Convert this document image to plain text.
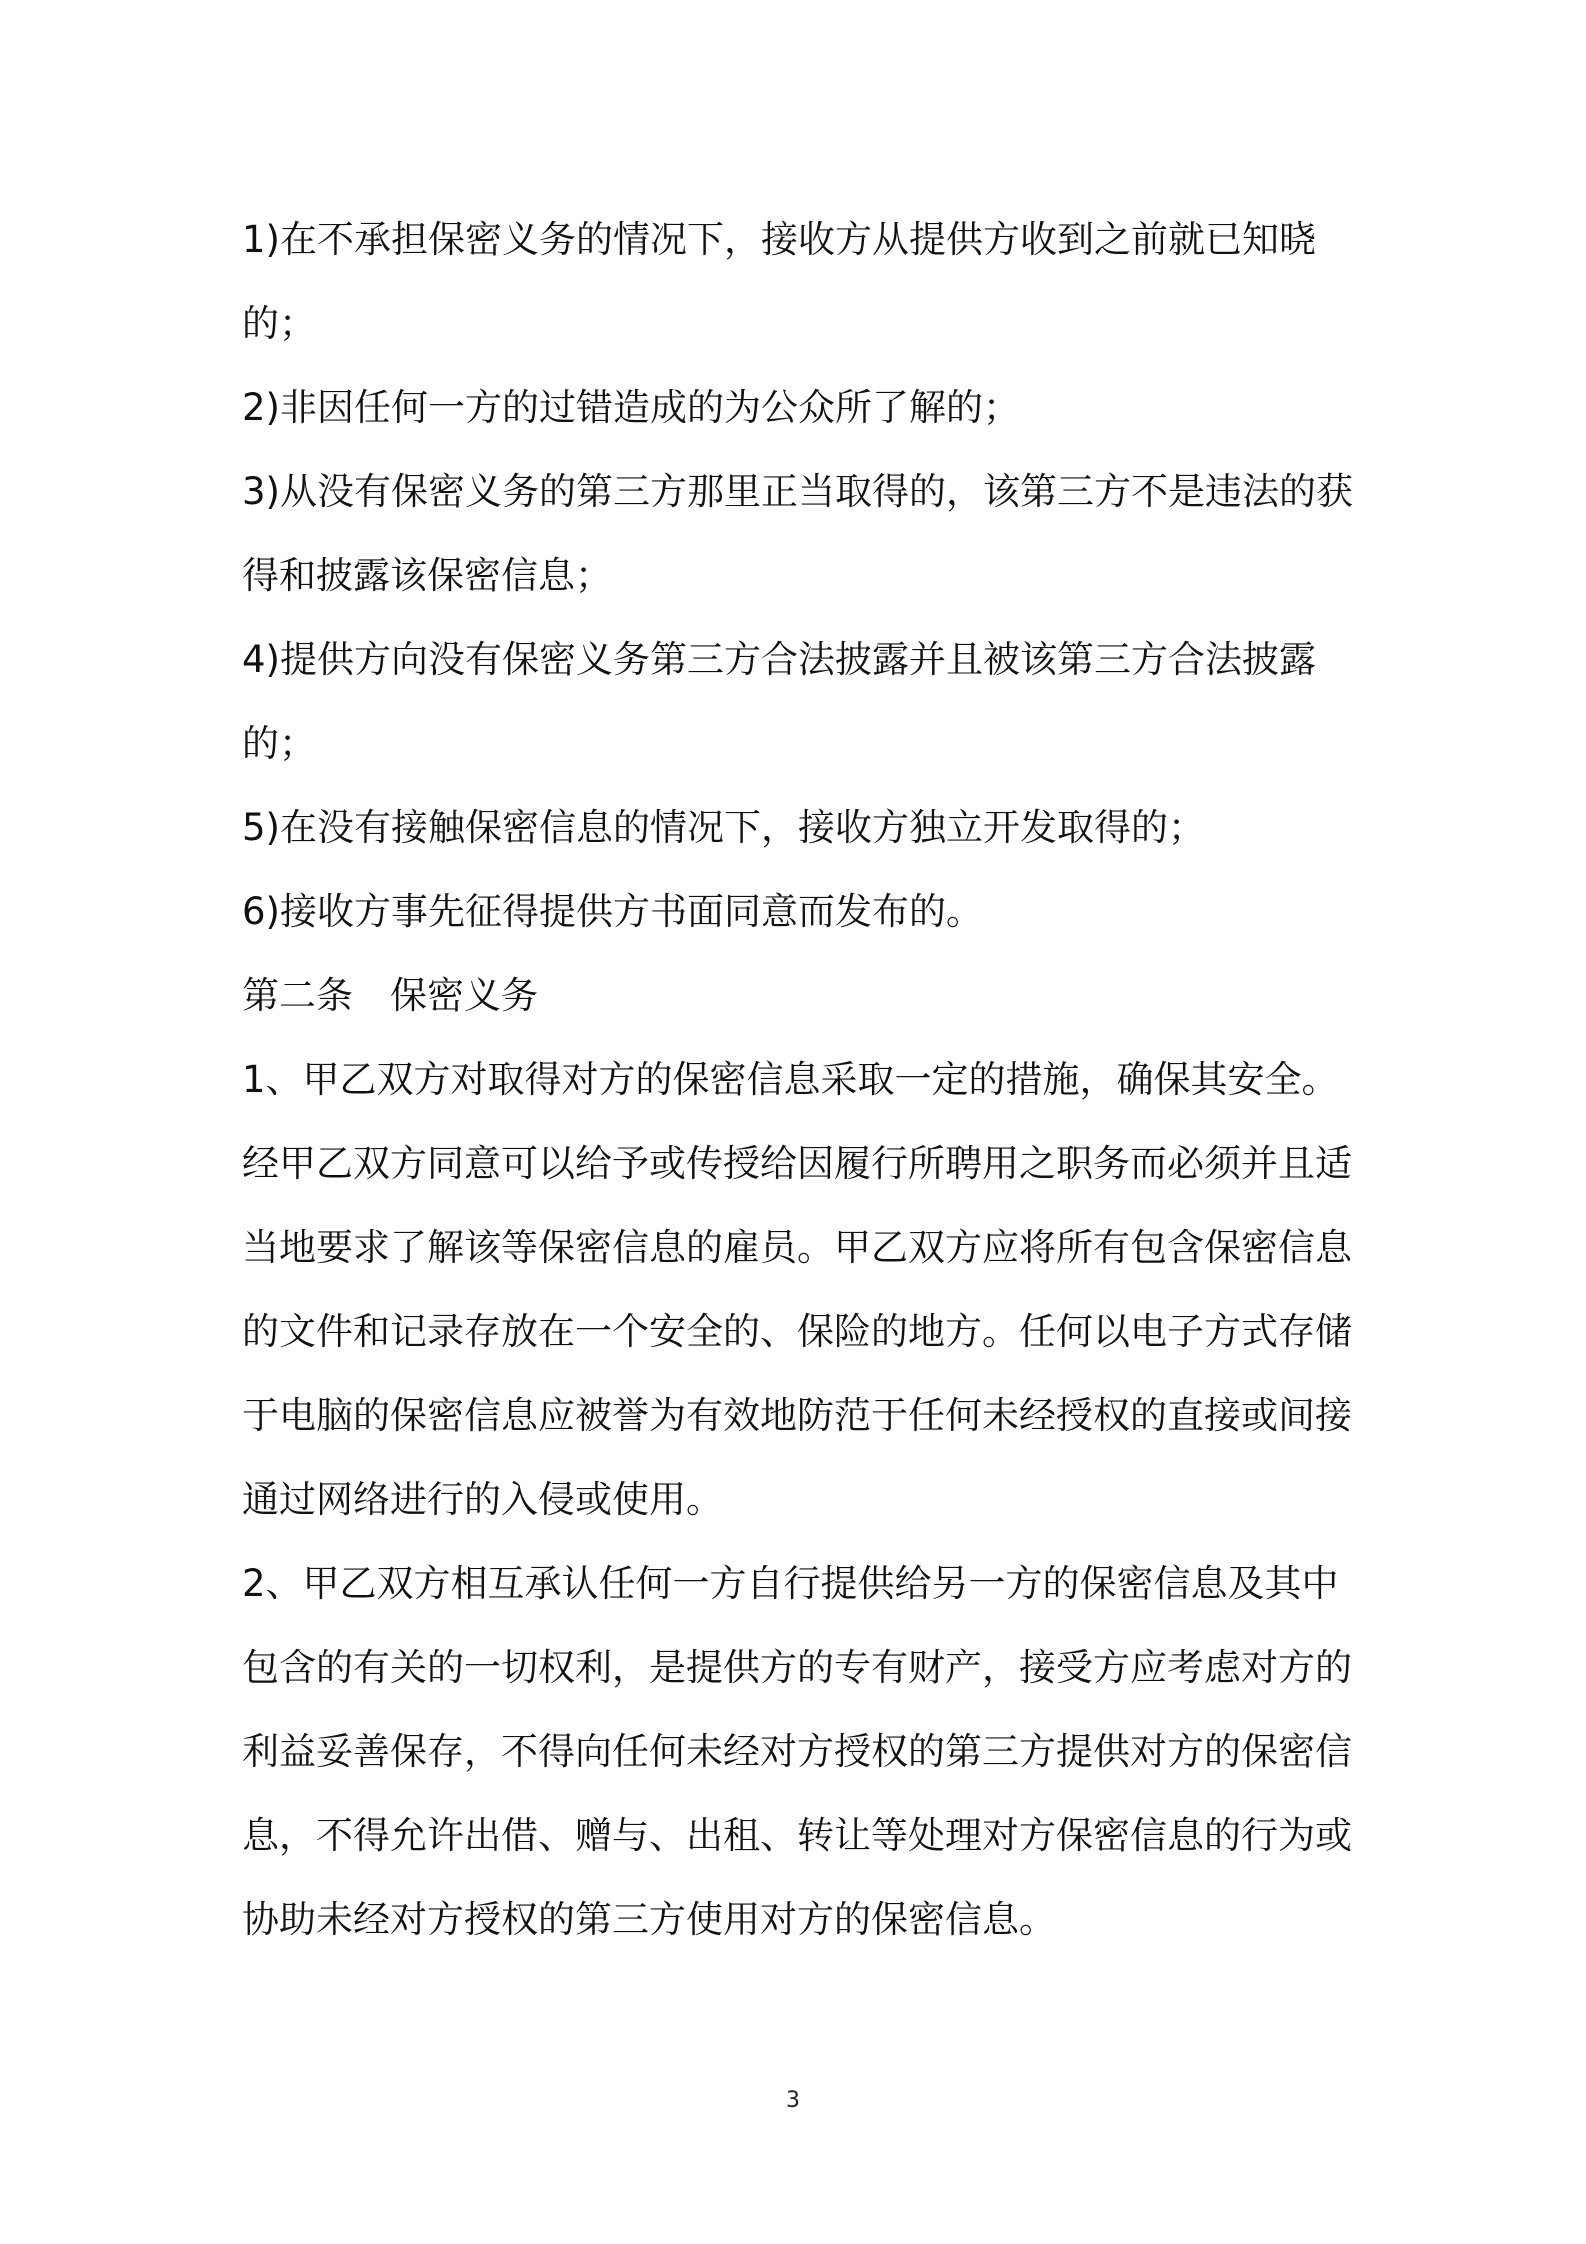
1)在不承担保密义务的情况下，接收方从提供方收到之前就已知晓的；

2)非因任何一方的过错造成的为公众所了解的；

3)从没有保密义务的第三方那里正当取得的，该第三方不是违法的获得和披露该保密信息；

4)提供方向没有保密义务第三方合法披露并且被该第三方合法披露的；

5)在没有接触保密信息的情况下，接收方独立开发取得的；

6)接收方事先征得提供方书面同意而发布的。

第二条　保密义务

1、甲乙双方对取得对方的保密信息采取一定的措施，确保其安全。经甲乙双方同意可以给予或传授给因履行所聘用之职务而必须并且适当地要求了解该等保密信息的雇员。甲乙双方应将所有包含保密信息的文件和记录存放在一个安全的、保险的地方。任何以电子方式存储于电脑的保密信息应被誉为有效地防范于任何未经授权的直接或间接通过网络进行的入侵或使用。

2、甲乙双方相互承认任何一方自行提供给另一方的保密信息及其中包含的有关的一切权利，是提供方的专有财产，接受方应考虑对方的利益妥善保存，不得向任何未经对方授权的第三方提供对方的保密信息，不得允许出借、赠与、出租、转让等处理对方保密信息的行为或协助未经对方授权的第三方使用对方的保密信息。

3
